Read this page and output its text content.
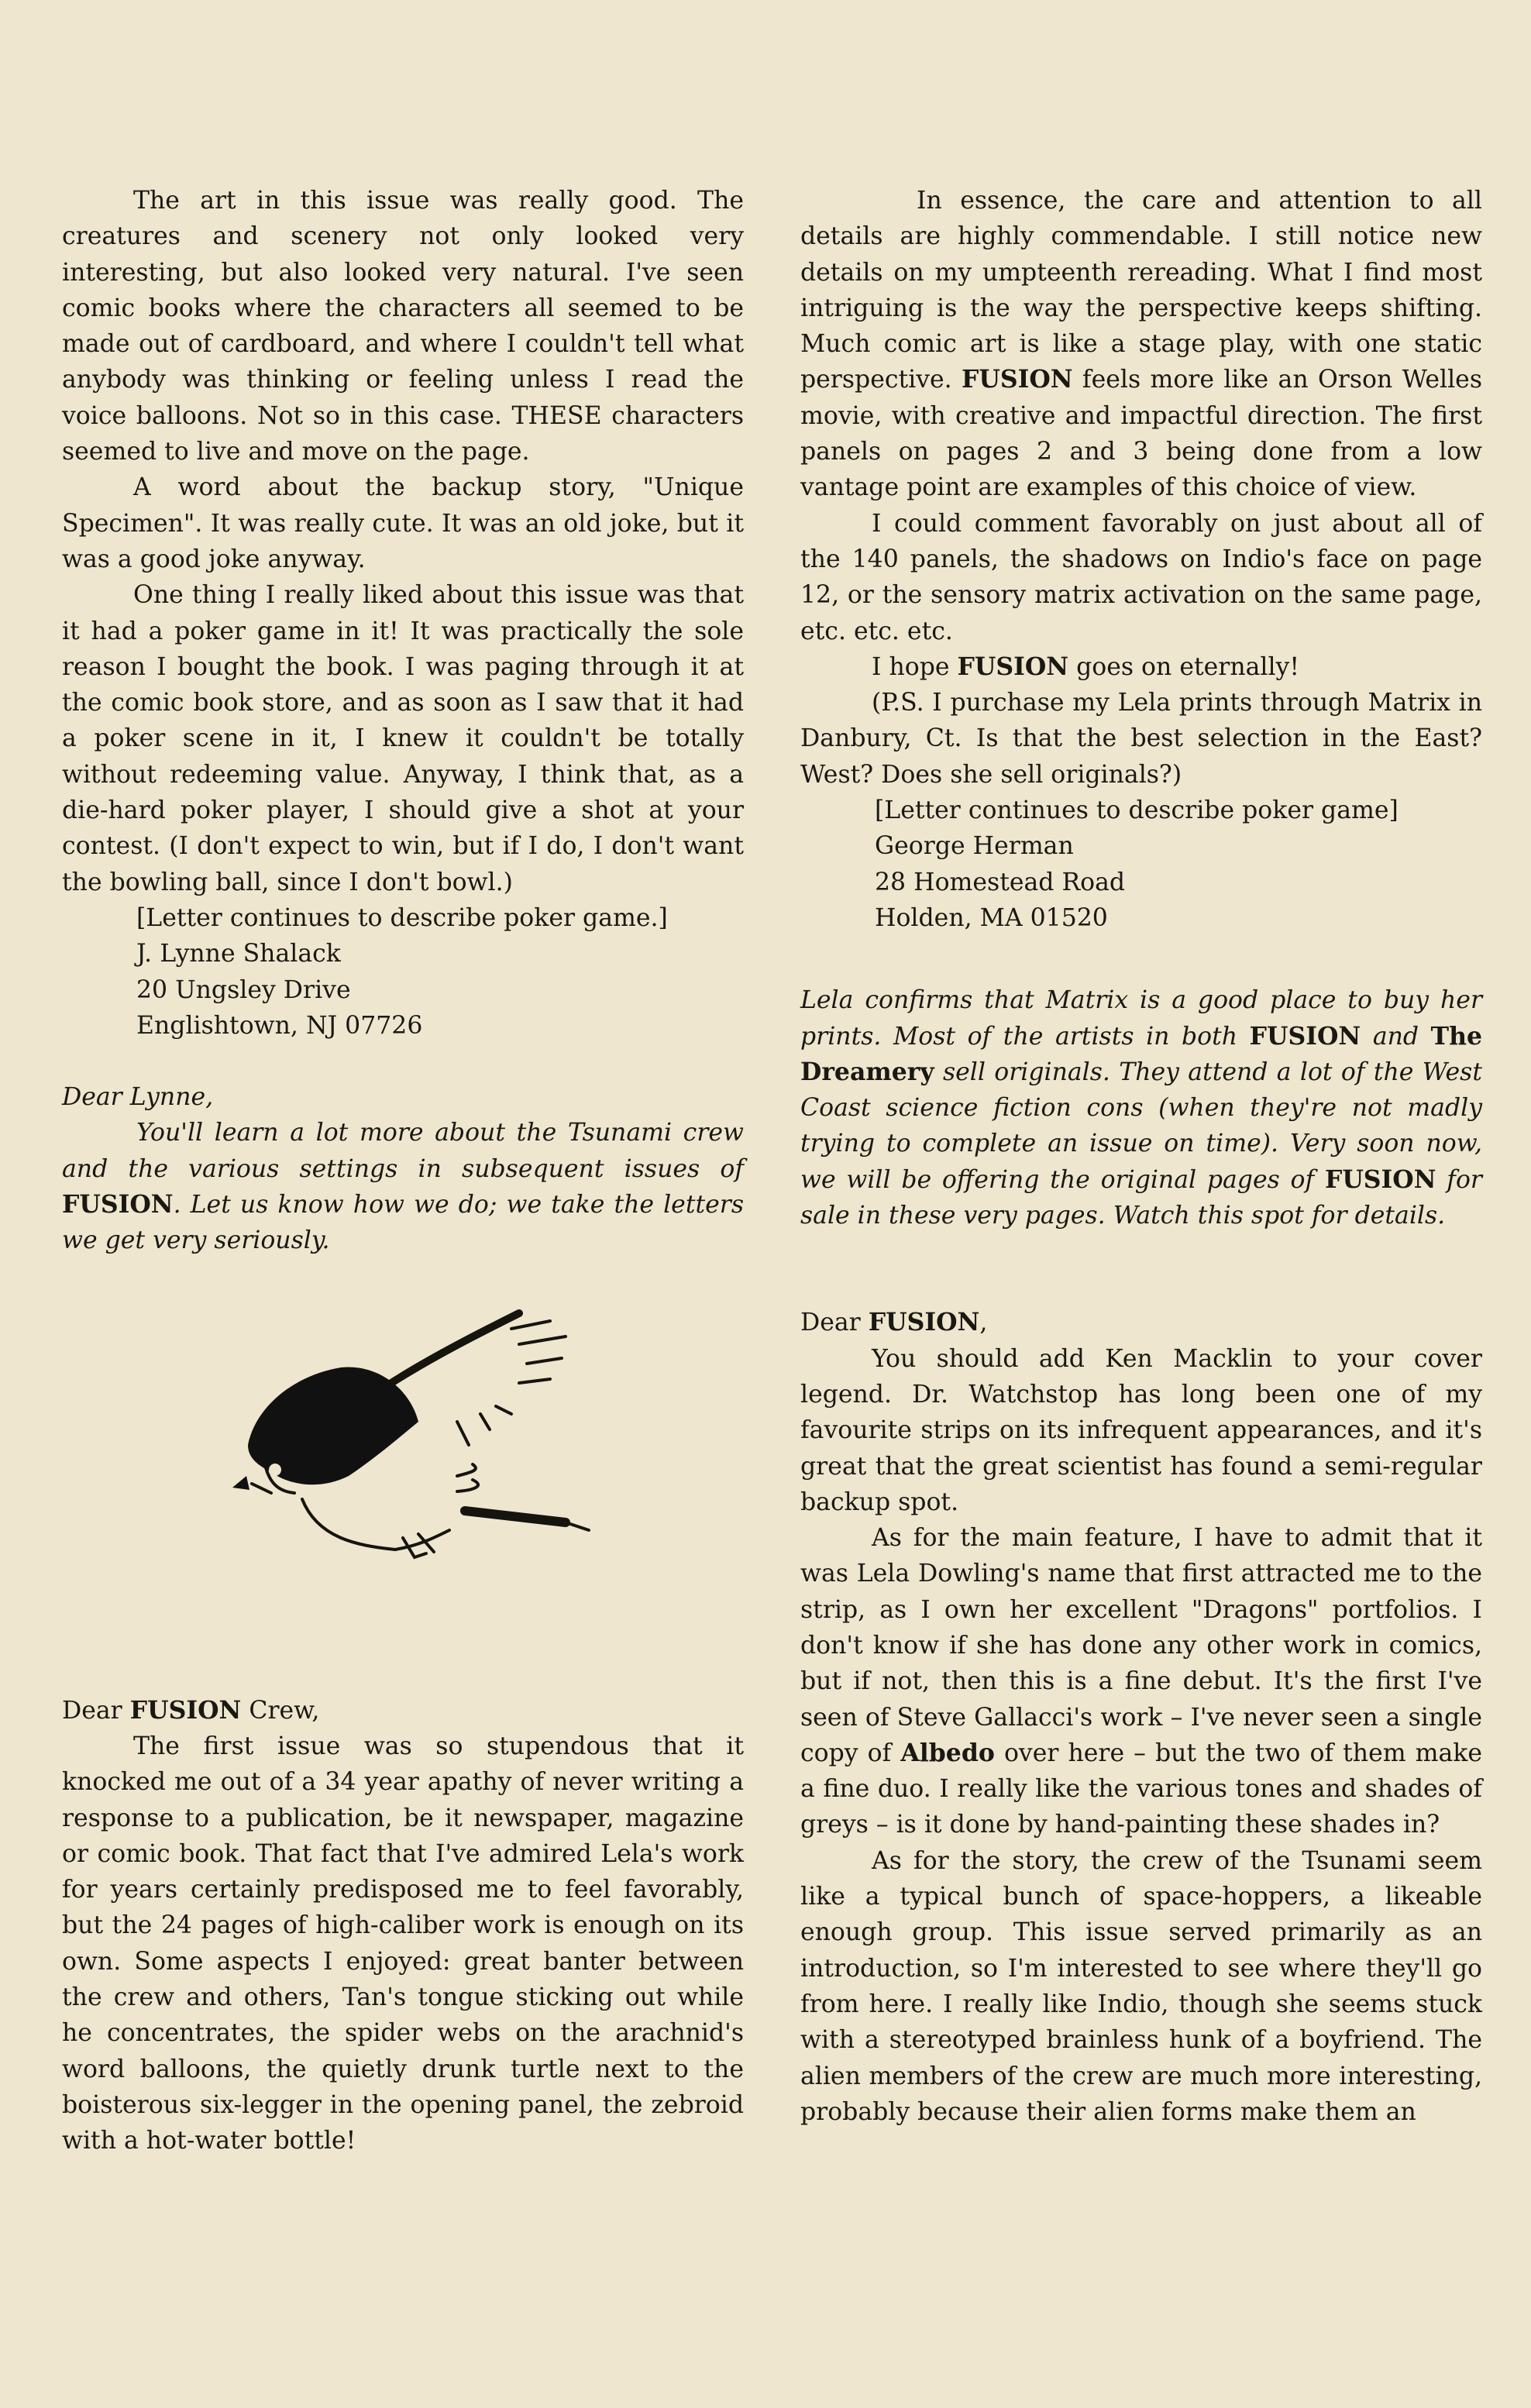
The art in this issue was really good. The creatures and scenery not only looked very interesting, but also looked very natural. I've seen comic books where the characters all seemed to be made out of cardboard, and where I couldn't tell what anybody was thinking or feeling unless I read the voice balloons. Not so in this case. THESE characters seemed to live and move on the page.

A word about the backup story, "Unique Specimen". It was really cute. It was an old joke, but it was a good joke anyway.

One thing I really liked about this issue was that it had a poker game in it! It was practically the sole reason I bought the book. I was paging through it at the comic book store, and as soon as I saw that it had a poker scene in it, I knew it couldn't be totally without redeeming value. Anyway, I think that, as a die-hard poker player, I should give a shot at your contest. (I don't expect to win, but if I do, I don't want the bowling ball, since I don't bowl.)

[Letter continues to describe poker game.]

J. Lynne Shalack

20 Ungsley Drive

Englishtown, NJ 07726

Dear Lynne,
You'll learn a lot more about the Tsunami crew and the various settings in subsequent issues of FUSION. Let us know how we do; we take the letters we get very seriously.
Dear FUSION Crew,

The first issue was so stupendous that it knocked me out of a 34 year apathy of never writing a response to a publication, be it newspaper, magazine or comic book. That fact that I've admired Lela's work for years certainly predisposed me to feel favorably, but the 24 pages of high-caliber work is enough on its own. Some aspects I enjoyed: great banter between the crew and others, Tan's tongue sticking out while he concentrates, the spider webs on the arachnid's word balloons, the quietly drunk turtle next to the boisterous six-legger in the opening panel, the zebroid with a hot-water bottle!

In essence, the care and attention to all details are highly commendable. I still notice new details on my umpteenth rereading. What I find most intriguing is the way the perspective keeps shifting. Much comic art is like a stage play, with one static perspective. FUSION feels more like an Orson Welles movie, with creative and impactful direction. The first panels on pages 2 and 3 being done from a low vantage point are examples of this choice of view.

I could comment favorably on just about all of the 140 panels, the shadows on Indio's face on page 12, or the sensory matrix activation on the same page, etc. etc. etc.

I hope FUSION goes on eternally!

(P.S. I purchase my Lela prints through Matrix in Danbury, Ct. Is that the best selection in the East? West? Does she sell originals?)

[Letter continues to describe poker game]

George Herman

28 Homestead Road

Holden, MA 01520

Lela confirms that Matrix is a good place to buy her prints. Most of the artists in both FUSION and The Dreamery sell originals. They attend a lot of the West Coast science fiction cons (when they're not madly trying to complete an issue on time). Very soon now, we will be offering the original pages of FUSION for sale in these very pages. Watch this spot for details.

Dear FUSION,

You should add Ken Macklin to your cover legend. Dr. Watchstop has long been one of my favourite strips on its infrequent appearances, and it's great that the great scientist has found a semi-regular backup spot.

As for the main feature, I have to admit that it was Lela Dowling's name that first attracted me to the strip, as I own her excellent "Dragons" portfolios. I don't know if she has done any other work in comics, but if not, then this is a fine debut. It's the first I've seen of Steve Gallacci's work – I've never seen a single copy of Albedo over here – but the two of them make a fine duo. I really like the various tones and shades of greys – is it done by hand-painting these shades in?

As for the story, the crew of the Tsunami seem like a typical bunch of space-hoppers, a likeable enough group. This issue served primarily as an introduction, so I'm interested to see where they'll go from here. I really like Indio, though she seems stuck with a stereotyped brainless hunk of a boyfriend. The alien members of the crew are much more interesting, probably because their alien forms make them an
